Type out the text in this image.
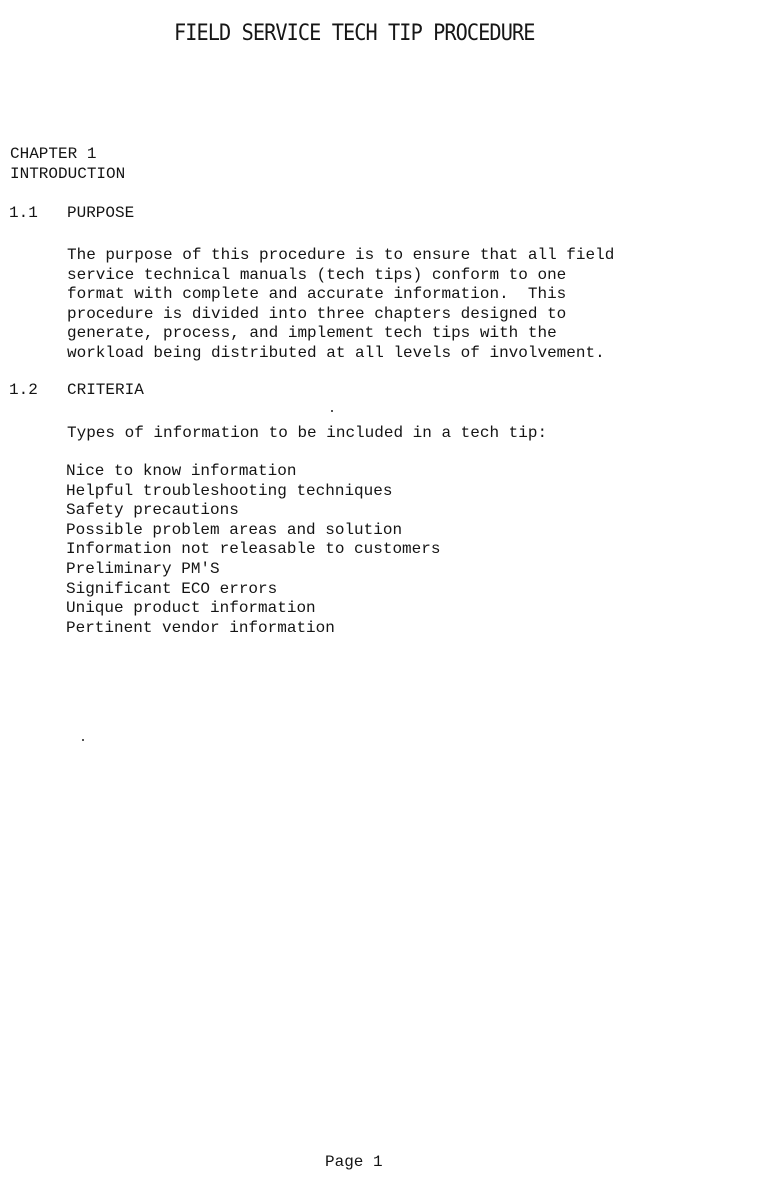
FIELD SERVICE TECH TIP PROCEDURE
CHAPTER 1
INTRODUCTION
1.1 PURPOSE
The purpose of this procedure is to ensure that all field
service technical manuals (tech tips) conform to one
format with complete and accurate information.  This
procedure is divided into three chapters designed to
generate, process, and implement tech tips with the
workload being distributed at all levels of involvement.
1.2 CRITERIA
Types of information to be included in a tech tip:
Nice to know information
Helpful troubleshooting techniques
Safety precautions
Possible problem areas and solution
Information not releasable to customers
Preliminary PM'S
Significant ECO errors
Unique product information
Pertinent vendor information
Page 1
